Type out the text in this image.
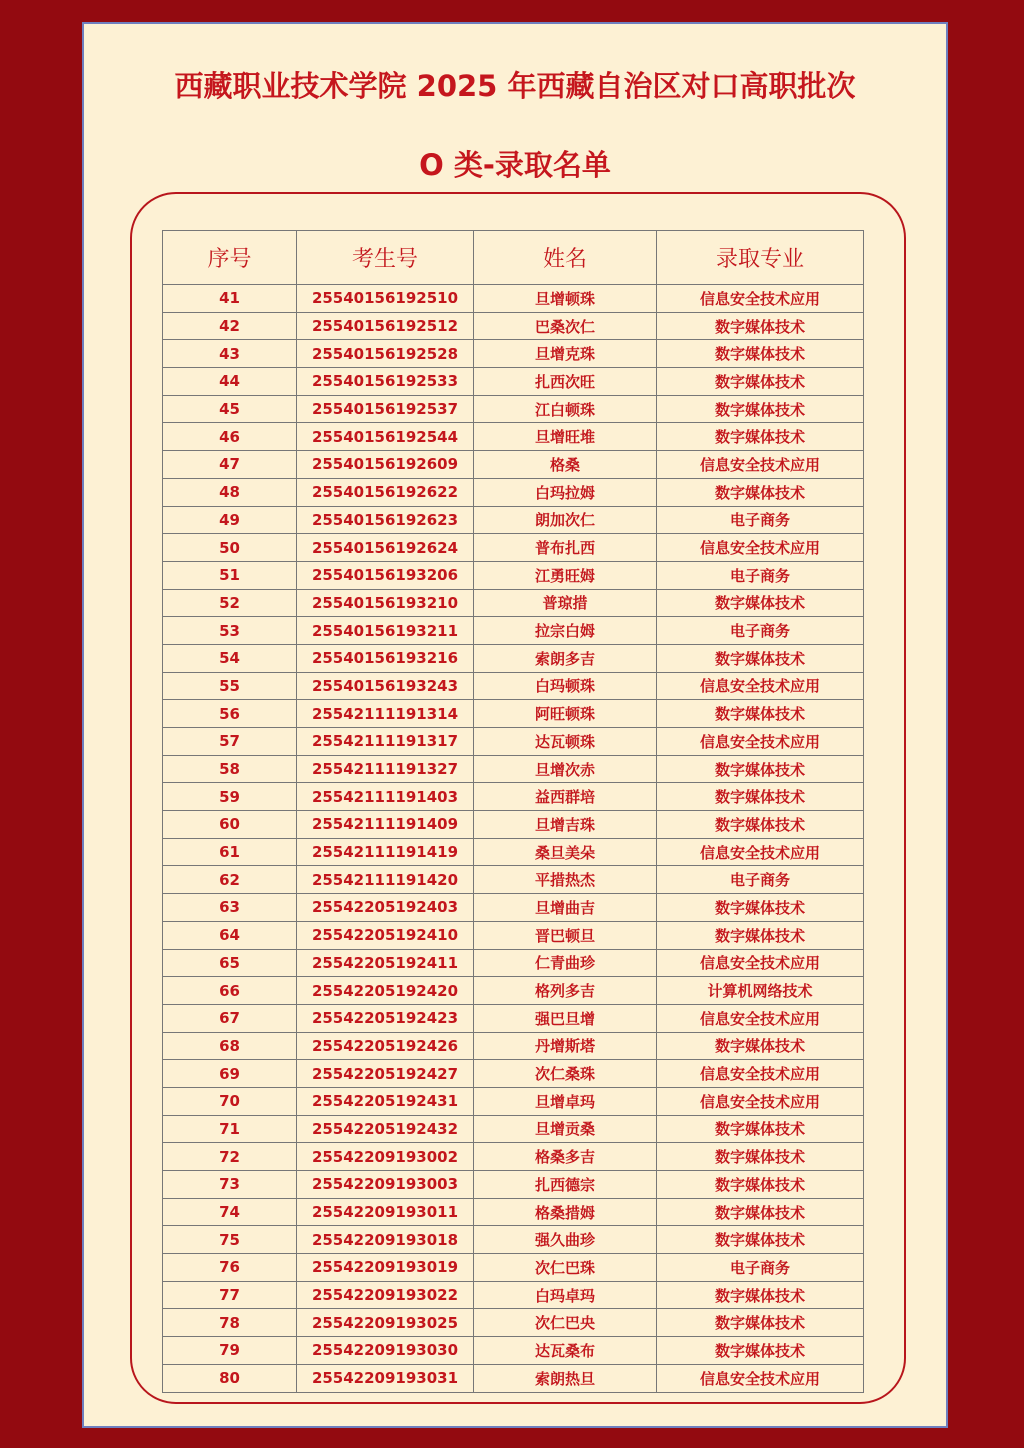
西藏职业技术学院 2025 年西藏自治区对口高职批次
O 类-录取名单
序号	考生号	姓名	录取专业
41	25540156192510	旦增顿珠	信息安全技术应用
42	25540156192512	巴桑次仁	数字媒体技术
43	25540156192528	旦增克珠	数字媒体技术
44	25540156192533	扎西次旺	数字媒体技术
45	25540156192537	江白顿珠	数字媒体技术
46	25540156192544	旦增旺堆	数字媒体技术
47	25540156192609	格桑	信息安全技术应用
48	25540156192622	白玛拉姆	数字媒体技术
49	25540156192623	朗加次仁	电子商务
50	25540156192624	普布扎西	信息安全技术应用
51	25540156193206	江勇旺姆	电子商务
52	25540156193210	普琼措	数字媒体技术
53	25540156193211	拉宗白姆	电子商务
54	25540156193216	索朗多吉	数字媒体技术
55	25540156193243	白玛顿珠	信息安全技术应用
56	25542111191314	阿旺顿珠	数字媒体技术
57	25542111191317	达瓦顿珠	信息安全技术应用
58	25542111191327	旦增次赤	数字媒体技术
59	25542111191403	益西群培	数字媒体技术
60	25542111191409	旦增吉珠	数字媒体技术
61	25542111191419	桑旦美朵	信息安全技术应用
62	25542111191420	平措热杰	电子商务
63	25542205192403	旦增曲吉	数字媒体技术
64	25542205192410	晋巴顿旦	数字媒体技术
65	25542205192411	仁青曲珍	信息安全技术应用
66	25542205192420	格列多吉	计算机网络技术
67	25542205192423	强巴旦增	信息安全技术应用
68	25542205192426	丹增斯塔	数字媒体技术
69	25542205192427	次仁桑珠	信息安全技术应用
70	25542205192431	旦增卓玛	信息安全技术应用
71	25542205192432	旦增贡桑	数字媒体技术
72	25542209193002	格桑多吉	数字媒体技术
73	25542209193003	扎西德宗	数字媒体技术
74	25542209193011	格桑措姆	数字媒体技术
75	25542209193018	强久曲珍	数字媒体技术
76	25542209193019	次仁巴珠	电子商务
77	25542209193022	白玛卓玛	数字媒体技术
78	25542209193025	次仁巴央	数字媒体技术
79	25542209193030	达瓦桑布	数字媒体技术
80	25542209193031	索朗热旦	信息安全技术应用
